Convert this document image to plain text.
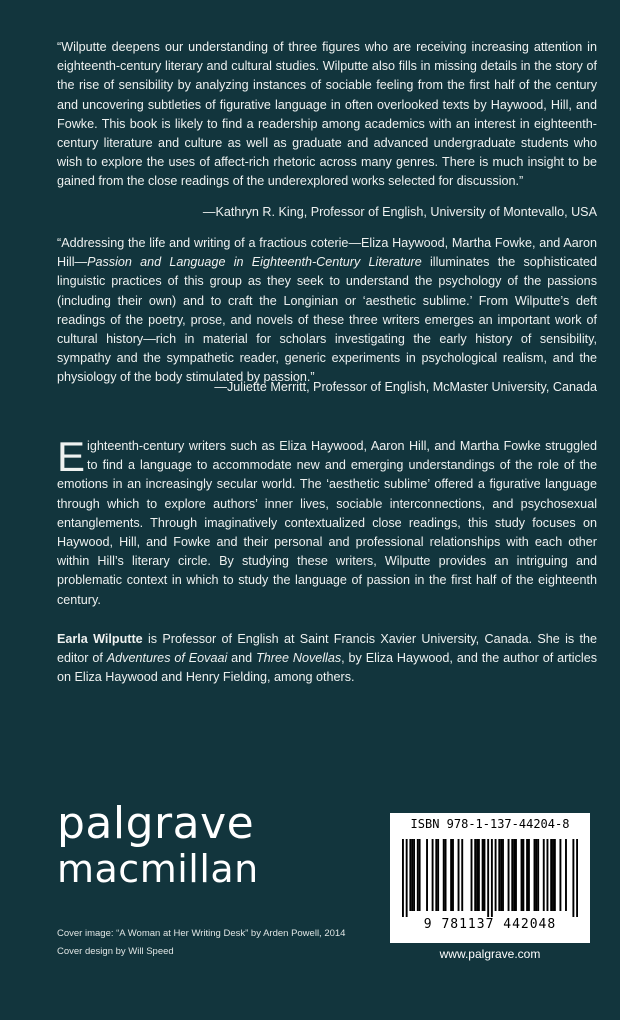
“Wilputte deepens our understanding of three figures who are receiving increasing attention in eighteenth-century literary and cultural studies. Wilputte also fills in missing details in the story of the rise of sensibility by analyzing instances of sociable feeling from the first half of the century and uncovering subtleties of figurative language in often overlooked texts by Haywood, Hill, and Fowke. This book is likely to find a readership among academics with an interest in eighteenth-century literature and culture as well as graduate and advanced undergraduate students who wish to explore the uses of affect-rich rhetoric across many genres. There is much insight to be gained from the close readings of the underexplored works selected for discussion.”

—Kathryn R. King, Professor of English, University of Montevallo, USA

“Addressing the life and writing of a fractious coterie—Eliza Haywood, Martha Fowke, and Aaron Hill—Passion and Language in Eighteenth-Century Literature illuminates the sophisticated linguistic practices of this group as they seek to understand the psychology of the passions (including their own) and to craft the Longinian or ‘aesthetic sublime.’ From Wilputte’s deft readings of the poetry, prose, and novels of these three writers emerges an important work of cultural history—rich in material for scholars investigating the early history of sensibility, sympathy and the sympathetic reader, generic experiments in psychological realism, and the physiology of the body stimulated by passion.”

—Juliette Merritt, Professor of English, McMaster University, Canada

Eighteenth-century writers such as Eliza Haywood, Aaron Hill, and Martha Fowke struggled to find a language to accommodate new and emerging understandings of the role of the emotions in an increasingly secular world. The ‘aesthetic sublime’ offered a figurative language through which to explore authors’ inner lives, sociable interconnections, and psychosexual entanglements. Through imaginatively contextualized close readings, this study focuses on Haywood, Hill, and Fowke and their personal and professional relationships with each other within Hill’s literary circle. By studying these writers, Wilputte provides an intriguing and problematic context in which to study the language of passion in the first half of the eighteenth century.

Earla Wilputte is Professor of English at Saint Francis Xavier University, Canada. She is the editor of Adventures of Eovaai and Three Novellas, by Eliza Haywood, and the author of articles on Eliza Haywood and Henry Fielding, among others.

palgrave
macmillan
Cover image: “A Woman at Her Writing Desk” by Arden Powell, 2014
Cover design by Will Speed
ISBN 978-1-137-44204-8
9 781137 442048
www.palgrave.com
